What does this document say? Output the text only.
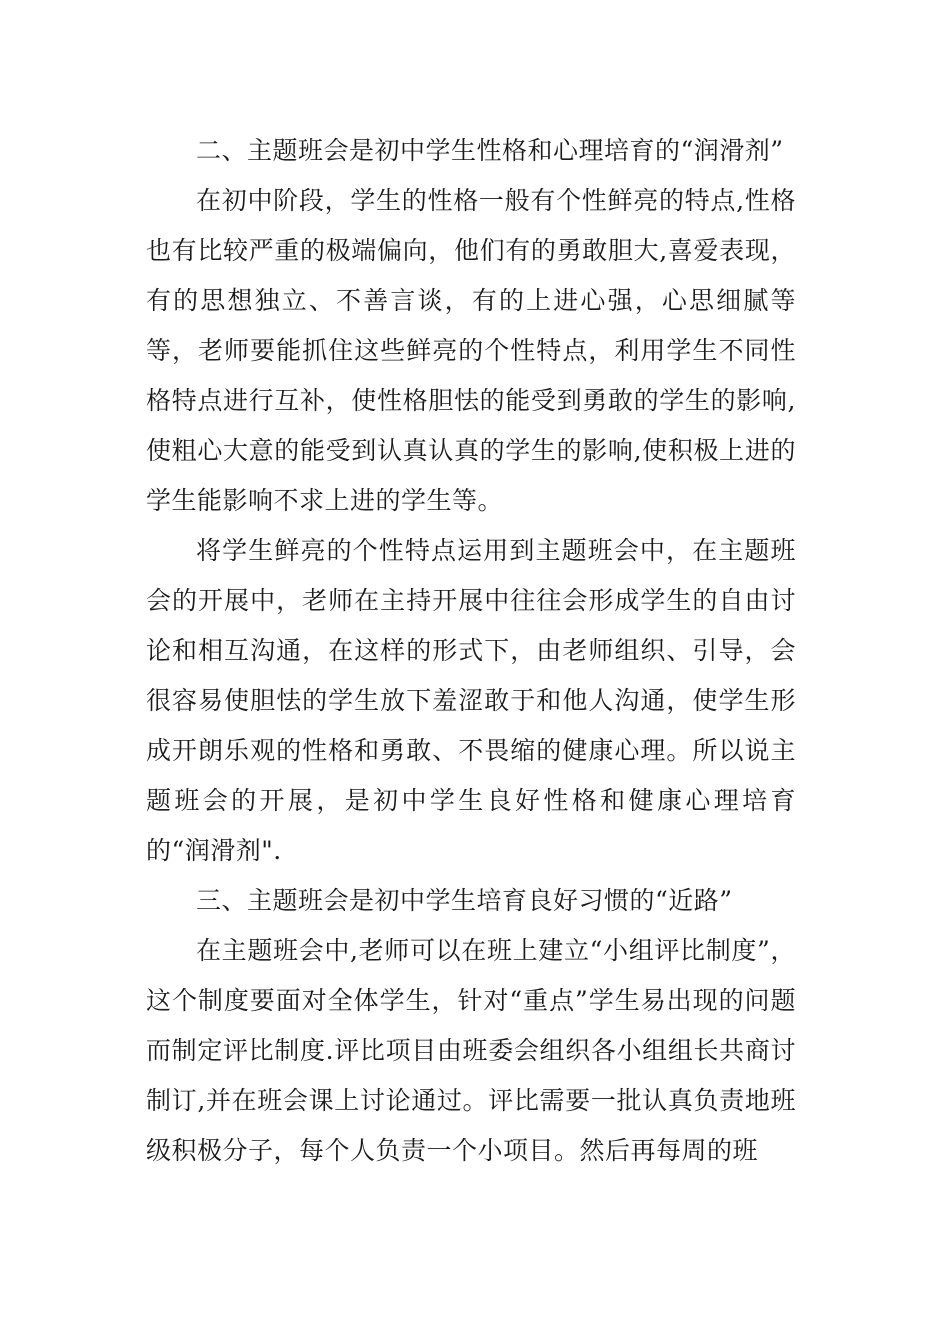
二、主题班会是初中学生性格和心理培育的“润滑剂”

在初中阶段，学生的性格一般有个性鲜亮的特点,性格也有比较严重的极端偏向，他们有的勇敢胆大,喜爱表现，有的思想独立、不善言谈，有的上进心强，心思细腻等等，老师要能抓住这些鲜亮的个性特点，利用学生不同性格特点进行互补，使性格胆怯的能受到勇敢的学生的影响,使粗心大意的能受到认真认真的学生的影响,使积极上进的学生能影响不求上进的学生等。

将学生鲜亮的个性特点运用到主题班会中，在主题班会的开展中，老师在主持开展中往往会形成学生的自由讨论和相互沟通，在这样的形式下，由老师组织、引导，会很容易使胆怯的学生放下羞涩敢于和他人沟通，使学生形成开朗乐观的性格和勇敢、不畏缩的健康心理。所以说主题班会的开展，是初中学生良好性格和健康心理培育的“润滑剂".

三、主题班会是初中学生培育良好习惯的“近路”

在主题班会中,老师可以在班上建立“小组评比制度”，这个制度要面对全体学生，针对“重点”学生易出现的问题而制定评比制度.评比项目由班委会组织各小组组长共商讨制订,并在班会课上讨论通过。评比需要一批认真负责地班级积极分子，每个人负责一个小项目。然后再每周的班
